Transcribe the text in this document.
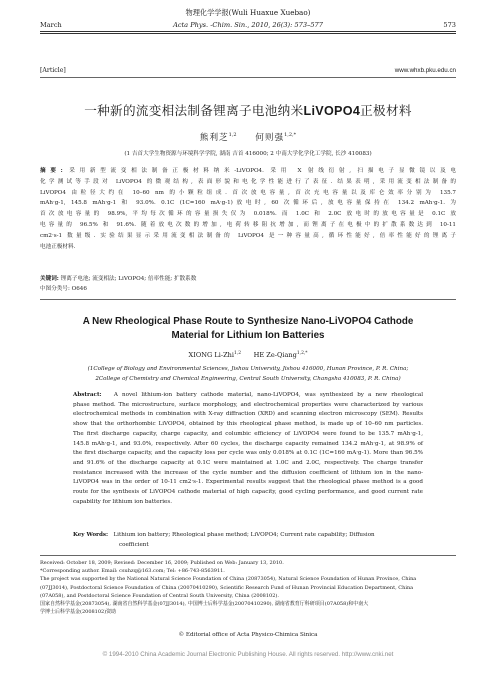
物理化学学报(Wuli Huaxue Xuebao)
March	Acta Phys. -Chim. Sin., 2010, 26(3): 573–577	573
[Article]	www.whxb.pku.edu.cn
一种新的流变相法制备锂离子电池纳米LiVOPO4正极材料
熊利芝$^{1,2}$ 何则强$^{1,2,*}$
(1 吉首大学生物资源与环境科学学院, 湖南 吉首 416000; 2 中南大学化学化工学院, 长沙 410083)
摘要: 采用新型流变相法制备正极材料纳米-LiVOPO4. 采用 X 射线衍射, 扫描电子显微镜以及电
化学测试等手段对 LiVOPO4 的微观结构, 表面形貌和电化学性能进行了表征. 结果表明, 采用流变相法制备的
LiVOPO4 由粒径大约在 10–60 nm 的小颗粒组成. 首次放电容量, 首次充电容量以及库仑效率分别为 135.7
mAh·g-1, 145.8 mAh·g-1 和 93.0%. 0.1C (1C=160 mA·g-1)放电时, 60 次循环后, 放电容量保持在 134.2 mAh·g-1. 为
首次放电容量的 98.9%, 平均每次循环的容量损失仅为 0.018%. 而 1.0C 和 2.0C 放电时的放电容量是 0.1C 放
电容量的 96.5% 和 91.6%. 随着放电次数的增加, 电荷转移阻抗增加, 而锂离子在电极中的扩散系数达到 10-11
cm2·s-1 数量级. 实验结果显示采用流变相法制备的 LiVOPO4 是一种容量高, 循环性能好, 倍率性能好的锂离子
电池正极材料.
关键词: 锂离子电池; 流变相法; LiVOPO4; 倍率性能; 扩散系数
中图分类号: O646
A New Rheological Phase Route to Synthesize Nano-LiVOPO4 Cathode
Material for Lithium Ion Batteries
XIONG Li-Zhi$^{1,2}$ HE Ze-Qiang$^{1,2,*}$
(1College of Biology and Environmental Sciences, Jishou University, Jishou 416000, Hunan Province, P. R. China;
2College of Chemistry and Chemical Engineering, Central South University, Changsha 410083, P. R. China)
Abstract: A novel lithium-ion battery cathode material, nano-LiVOPO4, was synthesized by a new rheological
phase method. The microstructure, surface morphology, and electrochemical properties were characterized by various
electrochemical methods in combination with X-ray diffraction (XRD) and scanning electron microscopy (SEM). Results
show that the orthorhombic LiVOPO4, obtained by this rheological phase method, is made up of 10–60 nm particles.
The first discharge capacity, charge capacity, and columbic efficiency of LiVOPO4 were found to be 135.7 mAh·g-1,
145.8 mAh·g-1, and 93.0%, respectively. After 60 cycles, the discharge capacity remained 134.2 mAh·g-1, at 98.9% of
the first discharge capacity, and the capacity loss per cycle was only 0.018% at 0.1C (1C=160 mA·g-1). More than 96.5%
and 91.6% of the discharge capacity at 0.1C were maintained at 1.0C and 2.0C, respectively. The charge transfer
resistance increased with the increase of the cycle number and the diffusion coefficient of lithium ion in the nano-
LiVOPO4 was in the order of 10-11 cm2·s-1. Experimental results suggest that the rheological phase method is a good
route for the synthesis of LiVOPO4 cathode material of high capacity, good cycling performance, and good current rate
capability for lithium ion batteries.
Key Words: Lithium ion battery; Rheological phase method; LiVOPO4; Current rate capability; Diffusion
coefficient
Received: October 18, 2009; Revised: December 16, 2009; Published on Web: January 13, 2010.
*Corresponding author. Email: csuhzq@163.com; Tel: +86-743-8563911.
The project was supported by the National Natural Science Foundation of China (20873054), Natural Science Foundation of Hunan Province, China
(07JJ3014), Postdoctoral Science Foundation of China (20070410290), Scientific Research Fund of Hunan Provincial Education Department, China
(07A058), and Postdoctoral Science Foundation of Central South University, China (2008102).
国家自然科学基金(20873054), 湖南省自然科学基金(07JJ3014), 中国博士后科学基金(20070410290), 湖南省教育厅科研项目(07A058)和中南大
学博士后科学基金(2008102)资助
© Editorial office of Acta Physico-Chimica Sinica
© 1994-2010 China Academic Journal Electronic Publishing House. All rights reserved. http://www.cnki.net
